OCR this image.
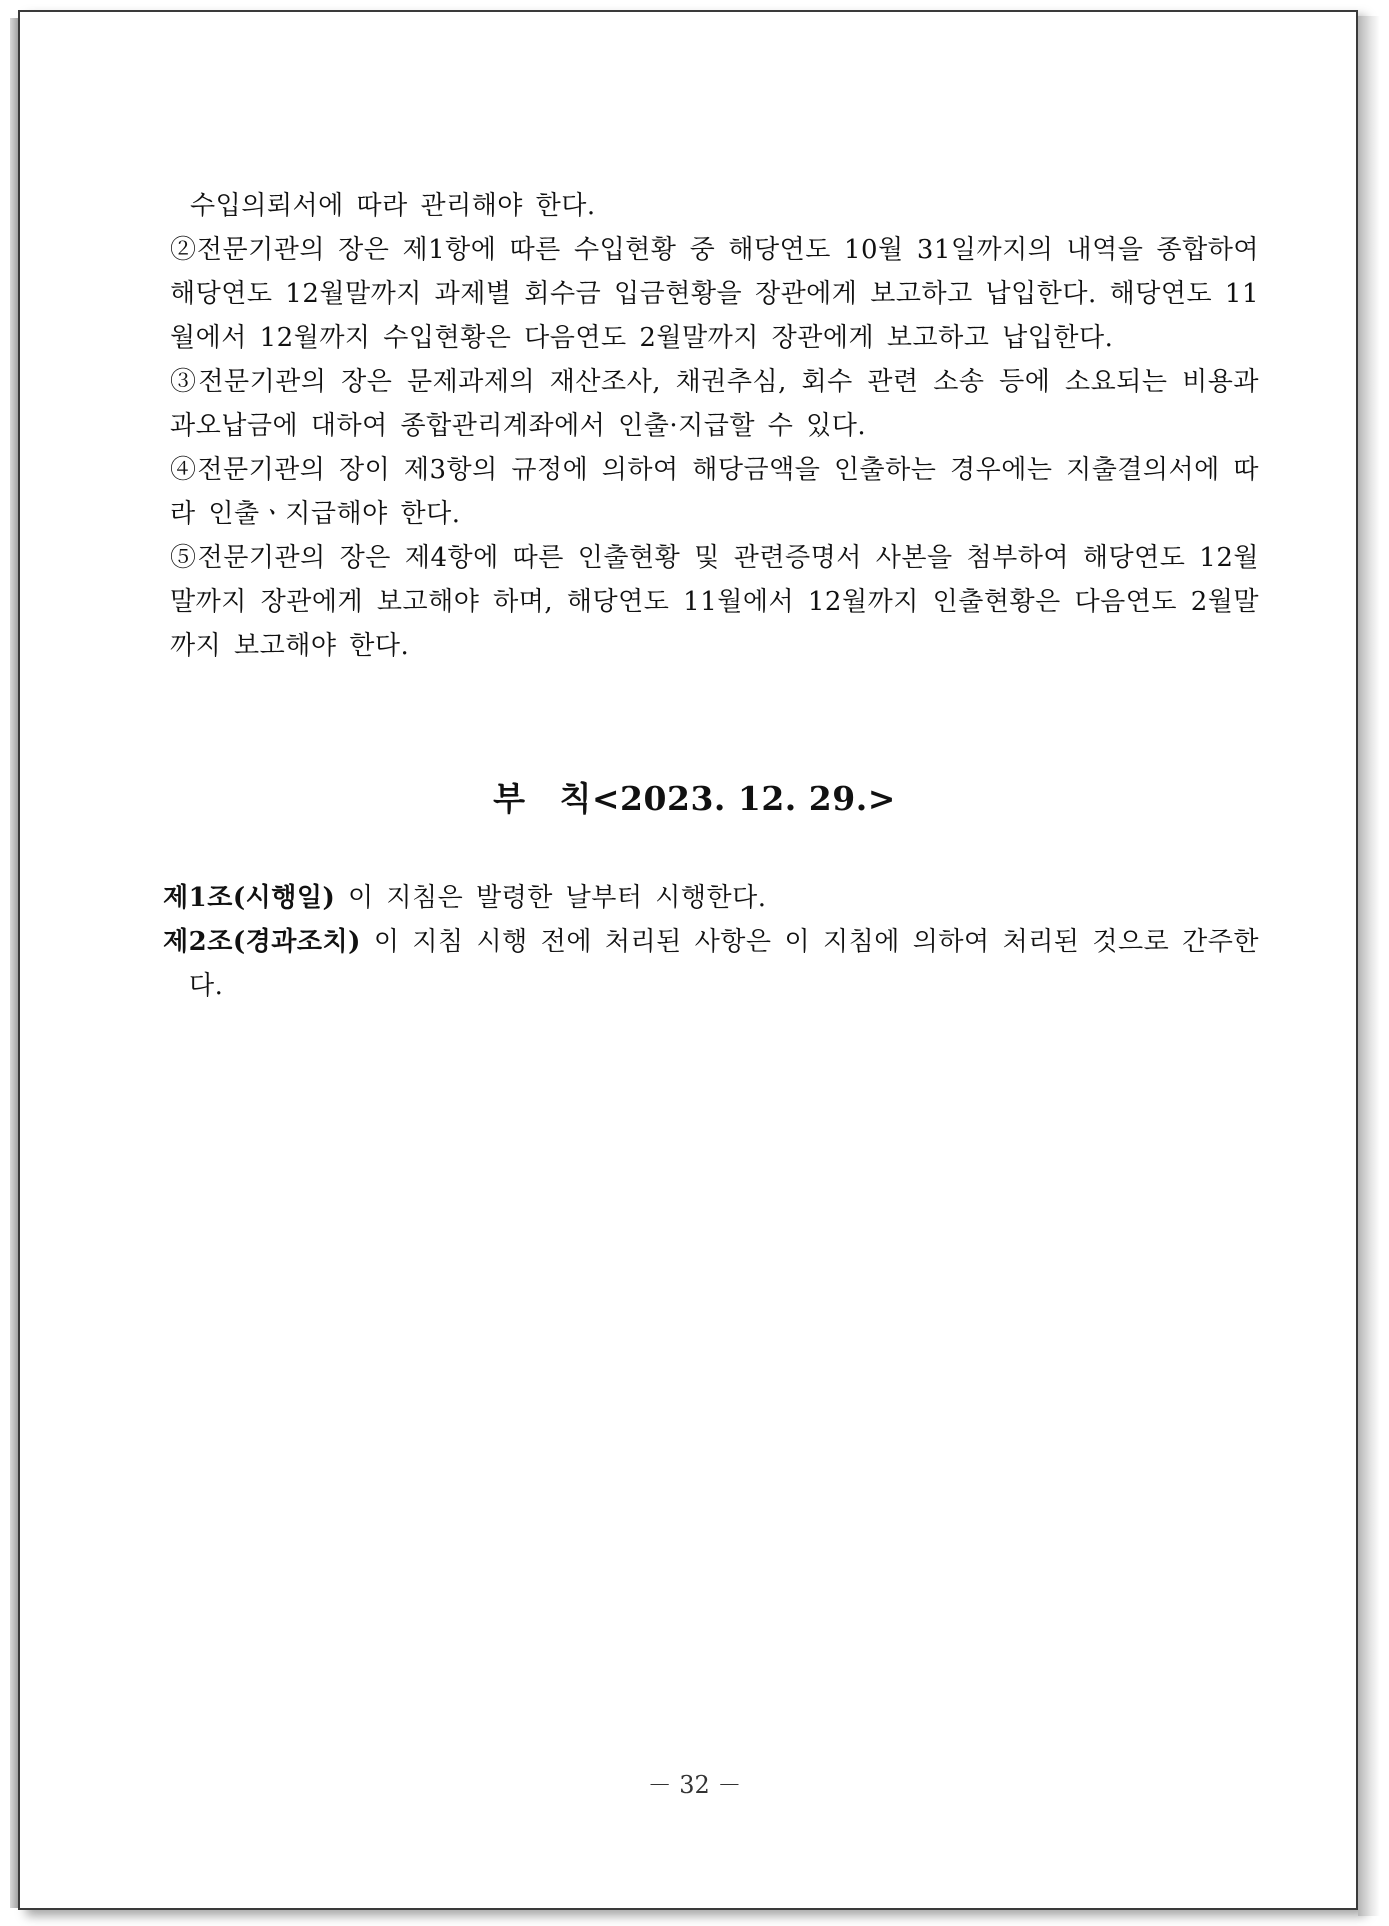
수입의뢰서에 따라 관리해야 한다.

②전문기관의 장은 제1항에 따른 수입현황 중 해당연도 10월 31일까지의 내역을 종합하여 해당연도 12월말까지 과제별 회수금 입금현황을 장관에게 보고하고 납입한다. 해당연도 11월에서 12월까지 수입현황은 다음연도 2월말까지 장관에게 보고하고 납입한다.

③전문기관의 장은 문제과제의 재산조사, 채권추심, 회수 관련 소송 등에 소요되는 비용과 과오납금에 대하여 종합관리계좌에서 인출·지급할 수 있다.

④전문기관의 장이 제3항의 규정에 의하여 해당금액을 인출하는 경우에는 지출결의서에 따라 인출ㆍ지급해야 한다.

⑤전문기관의 장은 제4항에 따른 인출현황 및 관련증명서 사본을 첨부하여 해당연도 12월말까지 장관에게 보고해야 하며, 해당연도 11월에서 12월까지 인출현황은 다음연도 2월말까지 보고해야 한다.

부 칙<2023. 12. 29.>

제1조(시행일) 이 지침은 발령한 날부터 시행한다.

제2조(경과조치) 이 지침 시행 전에 처리된 사항은 이 지침에 의하여 처리된 것으로 간주한다.

－ 32 －
